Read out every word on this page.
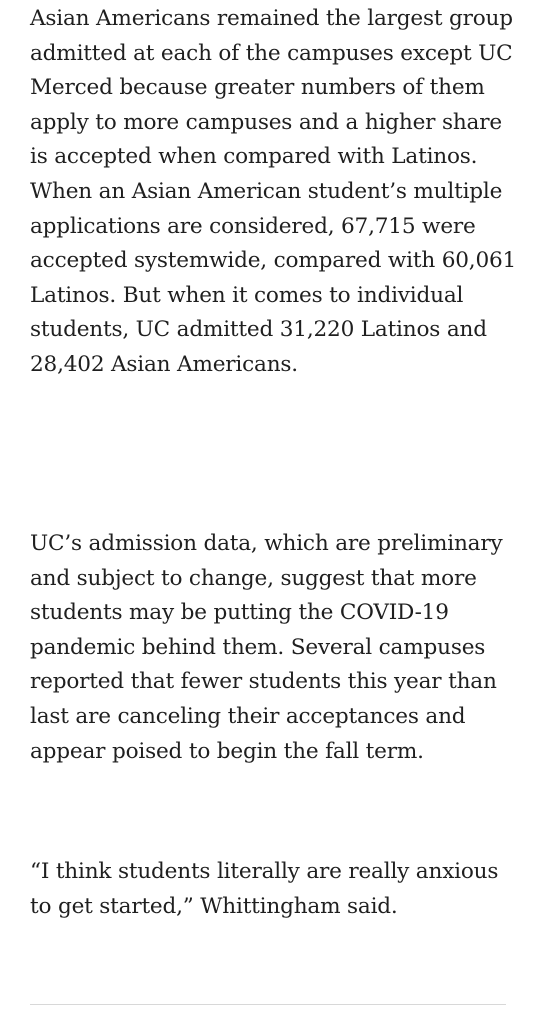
Asian Americans remained the largest group admitted at each of the campuses except UC Merced because greater numbers of them apply to more campuses and a higher share is accepted when compared with Latinos. When an Asian American student’s multiple applications are considered, 67,715 were accepted systemwide, compared with 60,061 Latinos. But when it comes to individual students, UC admitted 31,220 Latinos and 28,402 Asian Americans.

UC’s admission data, which are preliminary and subject to change, suggest that more students may be putting the COVID-19 pandemic behind them. Several campuses reported that fewer students this year than last are canceling their acceptances and appear poised to begin the fall term.

“I think students literally are really anxious to get started,” Whittingham said.
